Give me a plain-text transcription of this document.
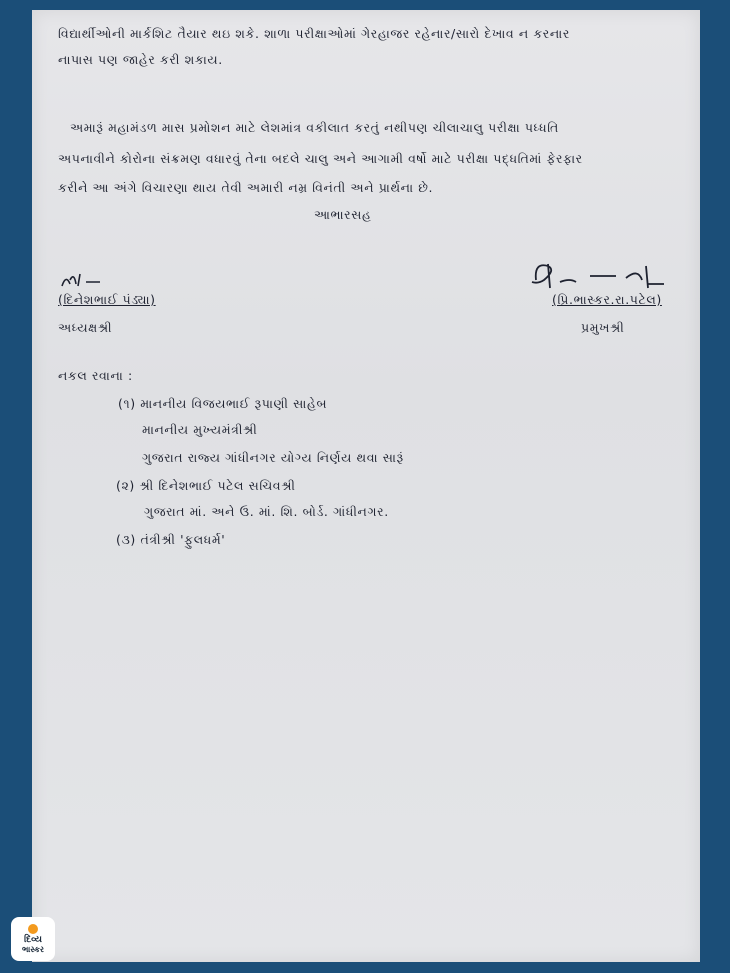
વિદ્યાર્થીઓની માર્કશિટ તૈયાર થઇ શકે. શાળા પરીક્ષાઓમાં ગેરહાજર રહેનાર/સારો દેખાવ ન કરનાર
નાપાસ પણ જાહેર કરી શકાય.
અમારૂં મહામંડળ માસ પ્રમોશન માટે લેશમાંત્ર વકીલાત કરતું નથીપણ ચીલાચાલુ પરીક્ષા પધ્ધતિ
અપનાવીને કોરોના સંક્રમણ વધારવું તેના બદલે ચાલુ અને આગામી વર્ષો માટે પરીક્ષા પદ્ધતિમાં ફેરફાર
કરીને આ અંગે વિચારણા થાય તેવી અમારી નમ્ર વિનંતી અને પ્રાર્થના છે.
આભારસહ
(દિનેશભાઈ પંડ્યા)
અધ્યક્ષશ્રી
(પ્રિ.ભાસ્કર.રા.પટેલ)
પ્રમુખશ્રી
નકલ રવાના :
(૧) માનનીય વિજયભાઈ રૂપાણી સાહેબ
માનનીય મુખ્યમંત્રીશ્રી
ગુજરાત રાજ્ય ગાંધીનગર યોગ્ય નિર્ણય થવા સારૂં
(૨) શ્રી દિનેશભાઈ પટેલ સચિવશ્રી
ગુજરાત માં. અને ઉ. માં. શિ. બોર્ડ. ગાંધીનગર.
(૩) તંત્રીશ્રી 'ફુલધર્મ'
દિવ્ય
ભાસ્કર
